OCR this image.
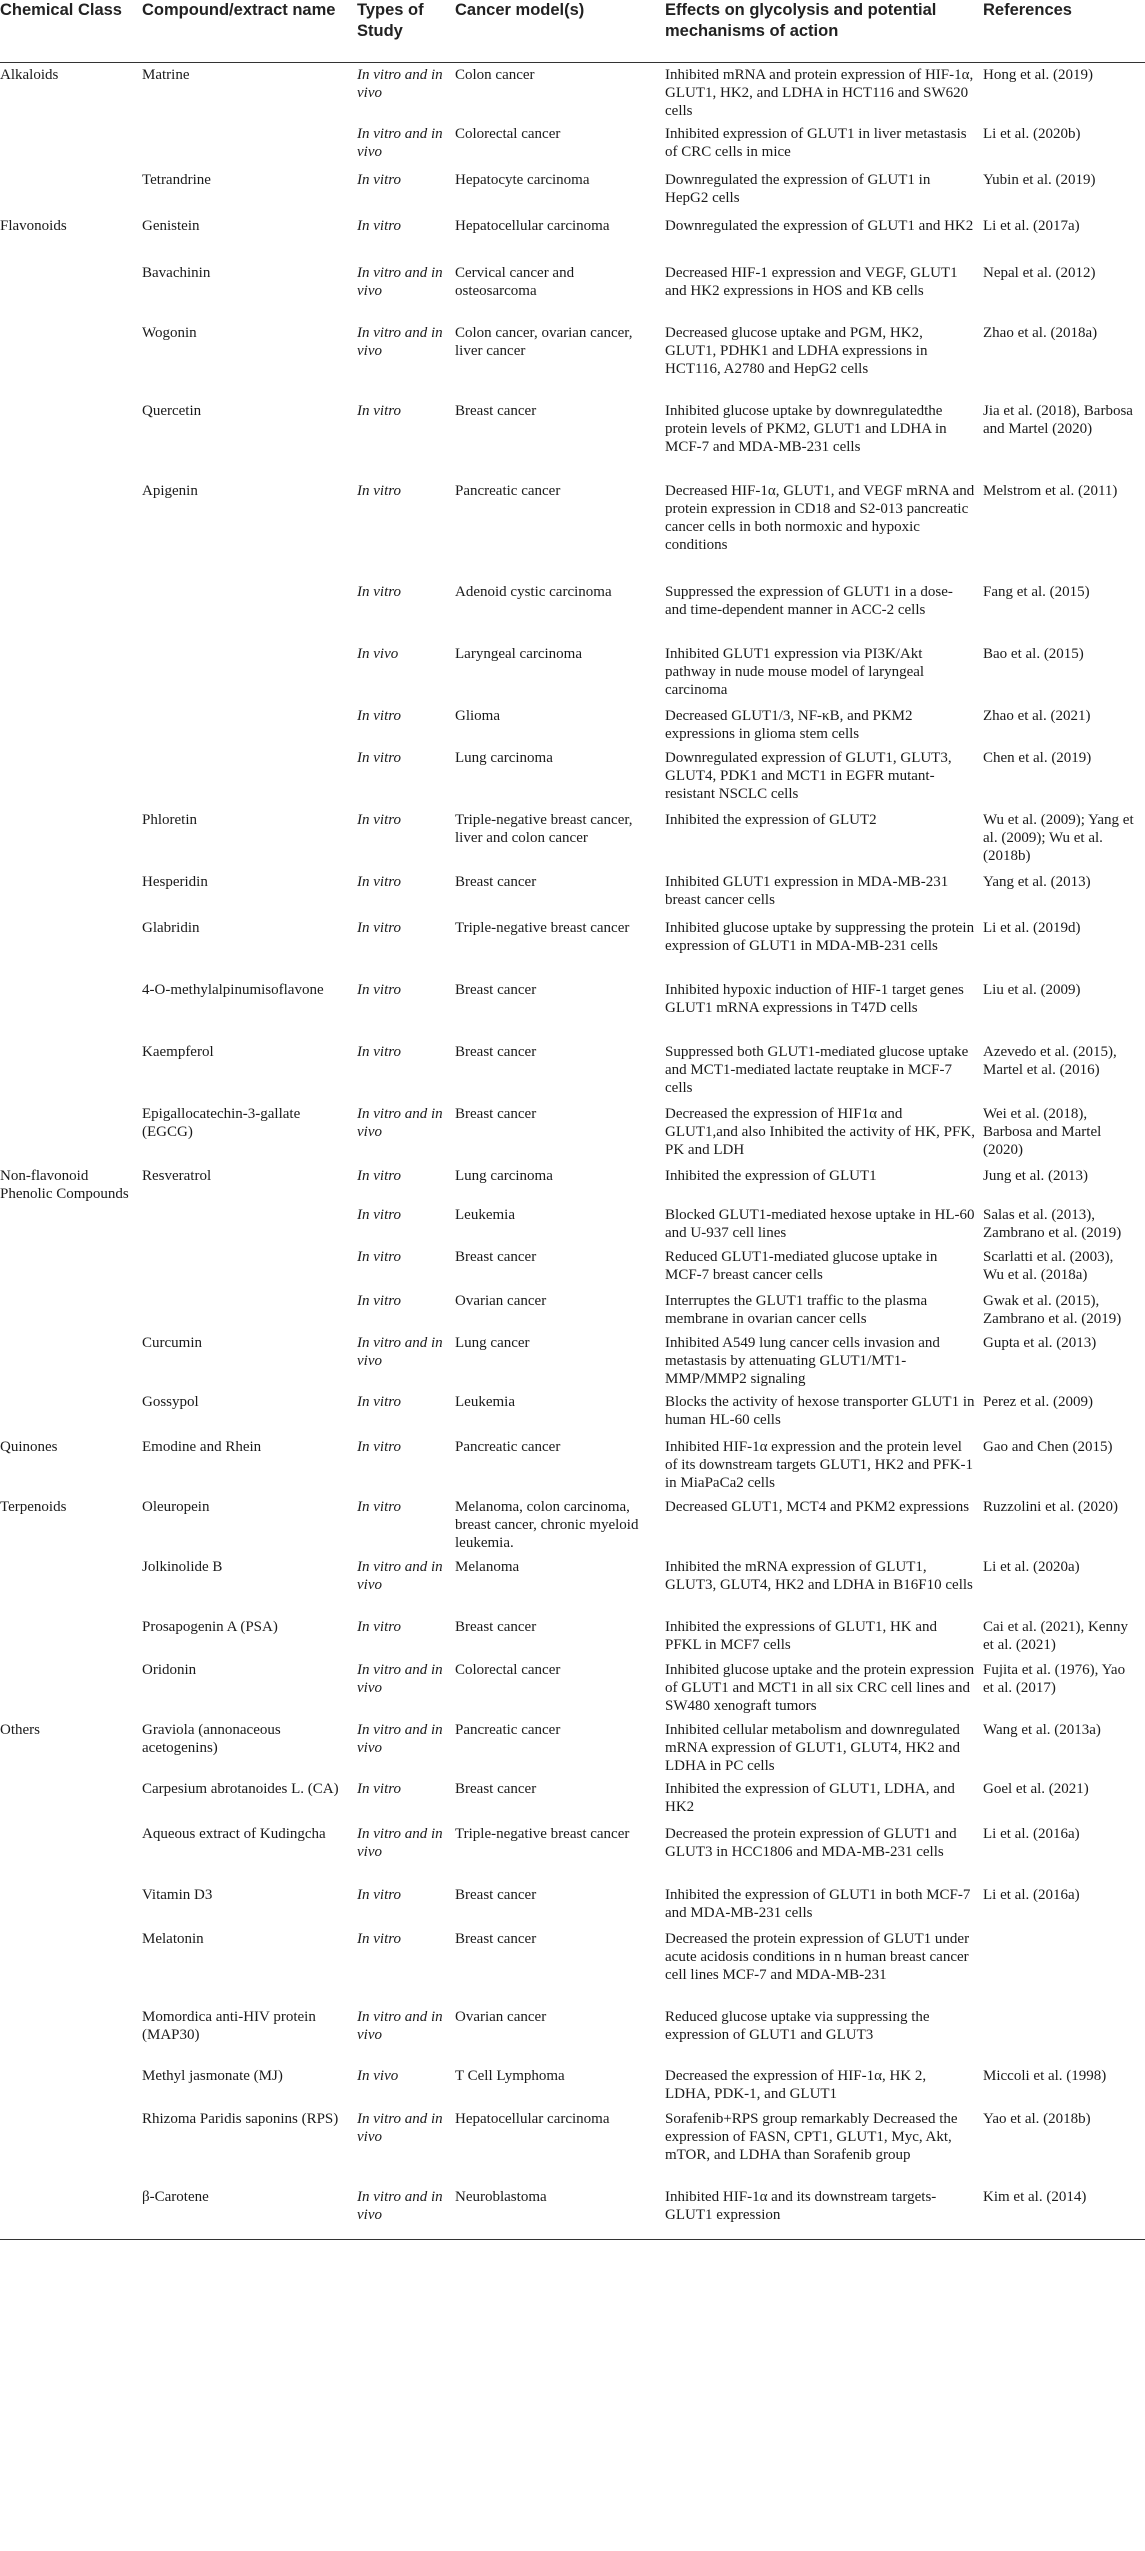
Chemical Class	Compound/extract name	Types of Study	Cancer model(s)	Effects on glycolysis and potential mechanisms of action	References
Alkaloids	Matrine	In vitro and in vivo	Colon cancer	Inhibited mRNA and protein expression of HIF-1α, GLUT1, HK2, and LDHA in HCT116 and SW620 cells	Hong et al. (2019)
		In vitro and in vivo	Colorectal cancer	Inhibited expression of GLUT1 in liver metastasis of CRC cells in mice	Li et al. (2020b)
	Tetrandrine	In vitro	Hepatocyte carcinoma	Downregulated the expression of GLUT1 in HepG2 cells	Yubin et al. (2019)
Flavonoids	Genistein	In vitro	Hepatocellular carcinoma	Downregulated the expression of GLUT1 and HK2	Li et al. (2017a)
	Bavachinin	In vitro and in vivo	Cervical cancer and osteosarcoma	Decreased HIF-1 expression and VEGF, GLUT1 and HK2 expressions in HOS and KB cells	Nepal et al. (2012)
	Wogonin	In vitro and in vivo	Colon cancer, ovarian cancer, liver cancer	Decreased glucose uptake and PGM, HK2, GLUT1, PDHK1 and LDHA expressions in HCT116, A2780 and HepG2 cells	Zhao et al. (2018a)
	Quercetin	In vitro	Breast cancer	Inhibited glucose uptake by downregulatedthe protein levels of PKM2, GLUT1 and LDHA in MCF-7 and MDA-MB-231 cells	Jia et al. (2018), Barbosa and Martel (2020)
	Apigenin	In vitro	Pancreatic cancer	Decreased HIF-1α, GLUT1, and VEGF mRNA and protein expression in CD18 and S2-013 pancreatic cancer cells in both normoxic and hypoxic conditions	Melstrom et al. (2011)
		In vitro	Adenoid cystic carcinoma	Suppressed the expression of GLUT1 in a dose- and time-dependent manner in ACC-2 cells	Fang et al. (2015)
		In vivo	Laryngeal carcinoma	Inhibited GLUT1 expression via PI3K/Akt pathway in nude mouse model of laryngeal carcinoma	Bao et al. (2015)
		In vitro	Glioma	Decreased GLUT1/3, NF-κB, and PKM2 expressions in glioma stem cells	Zhao et al. (2021)
		In vitro	Lung carcinoma	Downregulated expression of GLUT1, GLUT3, GLUT4, PDK1 and MCT1 in EGFR mutant-resistant NSCLC cells	Chen et al. (2019)
	Phloretin	In vitro	Triple-negative breast cancer, liver and colon cancer	Inhibited the expression of GLUT2	Wu et al. (2009); Yang et al. (2009); Wu et al. (2018b)
	Hesperidin	In vitro	Breast cancer	Inhibited GLUT1 expression in MDA-MB-231 breast cancer cells	Yang et al. (2013)
	Glabridin	In vitro	Triple-negative breast cancer	Inhibited glucose uptake by suppressing the protein expression of GLUT1 in MDA-MB-231 cells	Li et al. (2019d)
	4-O-methylalpinumisoflavone	In vitro	Breast cancer	Inhibited hypoxic induction of HIF-1 target genes GLUT1 mRNA expressions in T47D cells	Liu et al. (2009)
	Kaempferol	In vitro	Breast cancer	Suppressed both GLUT1-mediated glucose uptake and MCT1-mediated lactate reuptake in MCF-7 cells	Azevedo et al. (2015), Martel et al. (2016)
	Epigallocatechin-3-gallate (EGCG)	In vitro and in vivo	Breast cancer	Decreased the expression of HIF1α and GLUT1,and also Inhibited the activity of HK, PFK, PK and LDH	Wei et al. (2018), Barbosa and Martel (2020)
Non-flavonoid Phenolic Compounds	Resveratrol	In vitro	Lung carcinoma	Inhibited the expression of GLUT1	Jung et al. (2013)
		In vitro	Leukemia	Blocked GLUT1-mediated hexose uptake in HL-60 and U-937 cell lines	Salas et al. (2013), Zambrano et al. (2019)
		In vitro	Breast cancer	Reduced GLUT1-mediated glucose uptake in MCF-7 breast cancer cells	Scarlatti et al. (2003), Wu et al. (2018a)
		In vitro	Ovarian cancer	Interruptes the GLUT1 traffic to the plasma membrane in ovarian cancer cells	Gwak et al. (2015), Zambrano et al. (2019)
	Curcumin	In vitro and in vivo	Lung cancer	Inhibited A549 lung cancer cells invasion and metastasis by attenuating GLUT1/MT1-MMP/MMP2 signaling	Gupta et al. (2013)
	Gossypol	In vitro	Leukemia	Blocks the activity of hexose transporter GLUT1 in human HL-60 cells	Perez et al. (2009)
Quinones	Emodine and Rhein	In vitro	Pancreatic cancer	Inhibited HIF-1α expression and the protein level of its downstream targets GLUT1, HK2 and PFK-1 in MiaPaCa2 cells	Gao and Chen (2015)
Terpenoids	Oleuropein	In vitro	Melanoma, colon carcinoma, breast cancer, chronic myeloid leukemia.	Decreased GLUT1, MCT4 and PKM2 expressions	Ruzzolini et al. (2020)
	Jolkinolide B	In vitro and in vivo	Melanoma	Inhibited the mRNA expression of GLUT1, GLUT3, GLUT4, HK2 and LDHA in B16F10 cells	Li et al. (2020a)
	Prosapogenin A (PSA)	In vitro	Breast cancer	Inhibited the expressions of GLUT1, HK and PFKL in MCF7 cells	Cai et al. (2021), Kenny et al. (2021)
	Oridonin	In vitro and in vivo	Colorectal cancer	Inhibited glucose uptake and the protein expression of GLUT1 and MCT1 in all six CRC cell lines and SW480 xenograft tumors	Fujita et al. (1976), Yao et al. (2017)
Others	Graviola (annonaceous acetogenins)	In vitro and in vivo	Pancreatic cancer	Inhibited cellular metabolism and downregulated mRNA expression of GLUT1, GLUT4, HK2 and LDHA in PC cells	Wang et al. (2013a)
	Carpesium abrotanoides L. (CA)	In vitro	Breast cancer	Inhibited the expression of GLUT1, LDHA, and HK2	Goel et al. (2021)
	Aqueous extract of Kudingcha	In vitro and in vivo	Triple-negative breast cancer	Decreased the protein expression of GLUT1 and GLUT3 in HCC1806 and MDA-MB-231 cells	Li et al. (2016a)
	Vitamin D3	In vitro	Breast cancer	Inhibited the expression of GLUT1 in both MCF-7 and MDA-MB-231 cells	Li et al. (2016a)
	Melatonin	In vitro	Breast cancer	Decreased the protein expression of GLUT1 under acute acidosis conditions in n human breast cancer cell lines MCF-7 and MDA-MB-231	
	Momordica anti-HIV protein (MAP30)	In vitro and in vivo	Ovarian cancer	Reduced glucose uptake via suppressing the expression of GLUT1 and GLUT3	
	Methyl jasmonate (MJ)	In vivo	T Cell Lymphoma	Decreased the expression of HIF-1α, HK 2, LDHA, PDK-1, and GLUT1	Miccoli et al. (1998)
	Rhizoma Paridis saponins (RPS)	In vitro and in vivo	Hepatocellular carcinoma	Sorafenib+RPS group remarkably Decreased the expression of FASN, CPT1, GLUT1, Myc, Akt, mTOR, and LDHA than Sorafenib group	Yao et al. (2018b)
	β-Carotene	In vitro and in vivo	Neuroblastoma	Inhibited HIF-1α and its downstream targets-GLUT1 expression	Kim et al. (2014)
